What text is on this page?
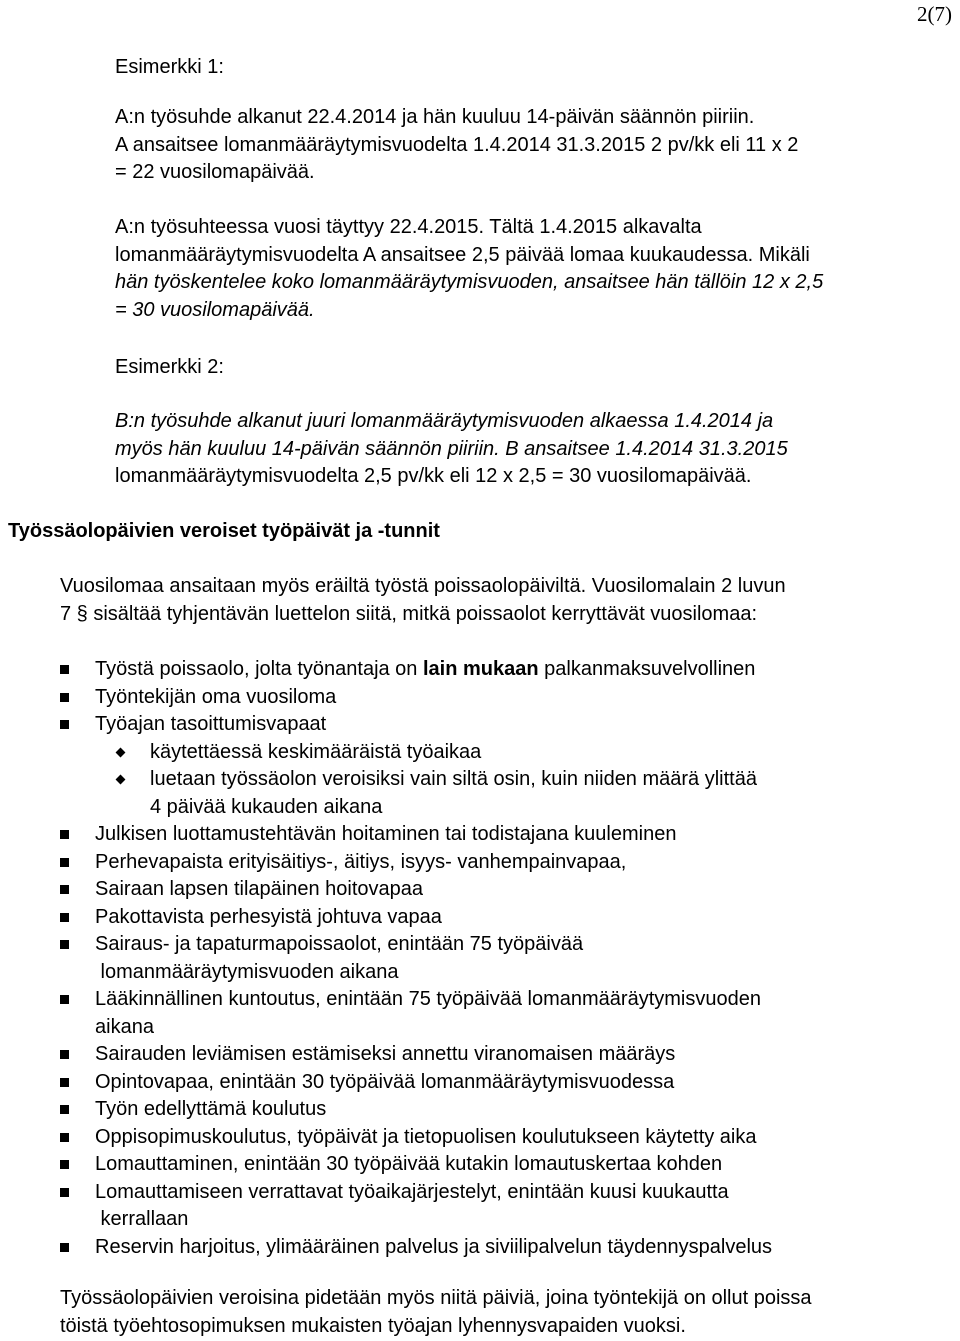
2(7)
Esimerkki 1:
A:n työsuhde alkanut 22.4.2014 ja hän kuuluu 14-päivän säännön piiriin.
A ansaitsee lomanmääräytymisvuodelta 1.4.2014 31.3.2015 2 pv/kk eli 11 x 2
= 22 vuosilomapäivää.
A:n työsuhteessa vuosi täyttyy 22.4.2015. Tältä 1.4.2015 alkavalta
lomanmääräytymisvuodelta A ansaitsee 2,5 päivää lomaa kuukaudessa. Mikäli
hän työskentelee koko lomanmääräytymisvuoden, ansaitsee hän tällöin 12 x 2,5
= 30 vuosilomapäivää.
Esimerkki 2:
B:n työsuhde alkanut juuri lomanmääräytymisvuoden alkaessa 1.4.2014 ja
myös hän kuuluu 14-päivän säännön piiriin. B ansaitsee 1.4.2014 31.3.2015
lomanmääräytymisvuodelta 2,5 pv/kk eli 12 x 2,5 = 30 vuosilomapäivää.
Työssäolopäivien veroiset työpäivät ja -tunnit
Vuosilomaa ansaitaan myös eräiltä työstä poissaolopäiviltä. Vuosilomalain 2 luvun
7 § sisältää tyhjentävän luettelon siitä, mitkä poissaolot kerryttävät vuosilomaa:
Työstä poissaolo, jolta työnantaja on lain mukaan palkanmaksuvelvollinen
Työntekijän oma vuosiloma
Työajan tasoittumisvapaat
käytettäessä keskimääräistä työaikaa
luetaan työssäolon veroisiksi vain siltä osin, kuin niiden määrä ylittää
4 päivää kukauden aikana
Julkisen luottamustehtävän hoitaminen tai todistajana kuuleminen
Perhevapaista erityisäitiys-, äitiys, isyys- vanhempainvapaa,
Sairaan lapsen tilapäinen hoitovapaa
Pakottavista perhesyistä johtuva vapaa
Sairaus- ja tapaturmapoissaolot, enintään 75 työpäivää
lomanmääräytymisvuoden aikana
Lääkinnällinen kuntoutus, enintään 75 työpäivää lomanmääräytymisvuoden
aikana
Sairauden leviämisen estämiseksi annettu viranomaisen määräys
Opintovapaa, enintään 30 työpäivää lomanmääräytymisvuodessa
Työn edellyttämä koulutus
Oppisopimuskoulutus, työpäivät ja tietopuolisen koulutukseen käytetty aika
Lomauttaminen, enintään 30 työpäivää kutakin lomautuskertaa kohden
Lomauttamiseen verrattavat työaikajärjestelyt, enintään kuusi kuukautta
kerrallaan
Reservin harjoitus, ylimääräinen palvelus ja siviilipalvelun täydennyspalvelus
Työssäolopäivien veroisina pidetään myös niitä päiviä, joina työntekijä on ollut poissa
töistä työehtosopimuksen mukaisten työajan lyhennysvapaiden vuoksi.
